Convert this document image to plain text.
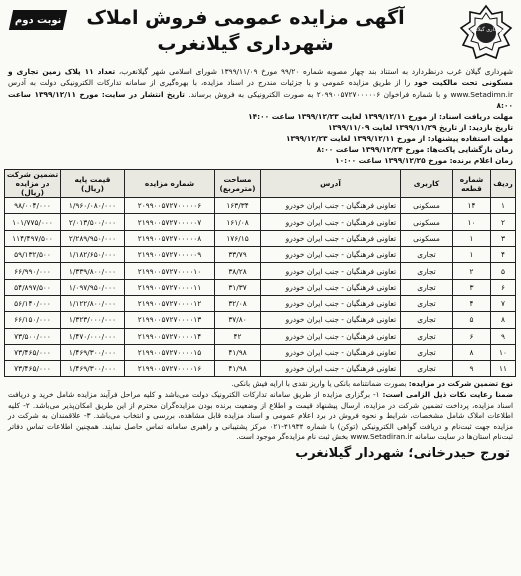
شهرداری گیلانغرب
آگهی مزایده عمومی فروش املاک
شهرداری گیلانغرب
نوبت دوم
شهرداری گیلان غرب درنظردارد به استناد بند چهار مصوبه شماره ۹۹/۲۰ مورخ ۱۳۹۹/۱۱/۰۹ شورای اسلامی شهر گیلانغرب، تعداد ۱۱ پلاک زمین تجاری و مسکونی تحت مالکیت خود را از طریق مزایده عمومی و با جزئیات مندرج در اسناد مزایده، با بهره‌گیری از سامانه تدارکات الکترونیکی دولت به آدرس www.Setadimn.ir و با شماره فراخوان ۲۰۹۹۰۰۵۷۲۷۰۰۰۰۰۶ به صورت الکترونیکی به فروش برساند. تاریخ انتشار در سایت: مورخ ۱۳۹۹/۱۲/۱۱ ساعت ۸:۰۰
مهلت دریافت اسناد: از مورخ ۱۳۹۹/۱۲/۱۱ لغایت ۱۳۹۹/۱۲/۲۳ ساعت ۱۴:۰۰
تاریخ بازدید: از تاریخ ۱۳۹۹/۱۱/۲۹ لغایت ۱۳۹۹/۱۱/۰۹
مهلت استفاده پیشنهاد: از مورخ ۱۳۹۹/۱۲/۱۱ لغایت ۱۳۹۹/۱۲/۲۳
زمان بازگشایی پاکت‌ها: مورخ ۱۳۹۹/۱۲/۲۴ ساعت ۸:۰۰
زمان اعلام برنده: مورخ ۱۳۹۹/۱۲/۲۵ ساعت ۱۰:۰۰
ردیف	شماره قطعه	کاربری	آدرس	مساحت (مترمربع)	شماره مزایده	قیمت پایه (ریال)	تضمین شرکت در مزایده (ریال)
۱	۱۴	مسکونی	تعاونی فرهنگیان - جنب ایران خودرو	۱۶۳/۳۴	۲۰۹۹۰۰۵۷۲۷۰۰۰۰۰۶	۱/۹۶۰/۰۸۰/۰۰۰	۹۸/۰۰۴/۰۰۰
۲	۱۰	مسکونی	تعاونی فرهنگیان - جنب ایران خودرو	۱۶۱/۰۸	۲۱۹۹۰۰۵۷۲۷۰۰۰۰۰۷	۲/۰۱۳/۵۰۰/۰۰۰	۱۰۱/۷۷۵/۰۰۰
۳	۱	مسکونی	تعاونی فرهنگیان - جنب ایران خودرو	۱۷۶/۱۵	۲۱۹۹۰۰۵۷۲۷۰۰۰۰۰۸	۲/۲۸۹/۹۵۰/۰۰۰	۱۱۴/۴۹۷/۵۰۰
۴	۱	تجاری	تعاونی فرهنگیان - جنب ایران خودرو	۳۳/۷۹	۲۱۹۹۰۰۵۷۲۷۰۰۰۰۰۹	۱/۱۸۲/۶۵۰/۰۰۰	۵۹/۱۳۲/۵۰۰
۵	۲	تجاری	تعاونی فرهنگیان - جنب ایران خودرو	۳۸/۲۸	۲۱۹۹۰۰۵۷۲۷۰۰۰۰۱۰	۱/۳۳۹/۸۰۰/۰۰۰	۶۶/۹۹۰/۰۰۰
۶	۳	تجاری	تعاونی فرهنگیان - جنب ایران خودرو	۳۱/۳۷	۲۱۹۹۰۰۵۷۲۷۰۰۰۰۱۱	۱/۰۹۷/۹۵۰/۰۰۰	۵۴/۸۹۷/۵۰۰
۷	۴	تجاری	تعاونی فرهنگیان - جنب ایران خودرو	۳۲/۰۸	۲۱۹۹۰۰۵۷۲۷۰۰۰۰۱۲	۱/۱۲۲/۸۰۰/۰۰۰	۵۶/۱۴۰/۰۰۰
۸	۵	تجاری	تعاونی فرهنگیان - جنب ایران خودرو	۳۷/۸۰	۲۱۹۹۰۰۵۷۲۷۰۰۰۰۱۳	۱/۳۲۳/۰۰۰/۰۰۰	۶۶/۱۵۰/۰۰۰
۹	۶	تجاری	تعاونی فرهنگیان - جنب ایران خودرو	۴۲	۲۱۹۹۰۰۵۷۲۷۰۰۰۰۱۴	۱/۴۷۰/۰۰۰/۰۰۰	۷۳/۵۰۰/۰۰۰
۱۰	۸	تجاری	تعاونی فرهنگیان - جنب ایران خودرو	۴۱/۹۸	۲۱۹۹۰۰۵۷۲۷۰۰۰۰۱۵	۱/۴۶۹/۳۰۰/۰۰۰	۷۳/۴۶۵/۰۰۰
۱۱	۹	تجاری	تعاونی فرهنگیان - جنب ایران خودرو	۴۱/۹۸	۲۱۹۹۰۰۵۷۲۷۰۰۰۰۱۶	۱/۴۶۹/۳۰۰/۰۰۰	۷۳/۴۶۵/۰۰۰
نوع تضمین شرکت در مزایده: بصورت ضمانتنامه بانکی یا واریز نقدی با ارایه فیش بانکی.
ضمنا رعایت نکات ذیل الزامی است: ۱- برگزاری مزایده از طریق سامانه تدارکات الکترونیک دولت می‌باشد و کلیه مراحل فرآیند مزایده شامل خرید و دریافت اسناد مزایده، پرداخت تضمین شرکت در مزایده، ارسال پیشنهاد قیمت و اطلاع از وضعیت برنده بودن مزایده‌گران محترم از این طریق امکان‌پذیر می‌باشد. ۲- کلیه اطلاعات املاک شامل مشخصات، شرایط و نحوه فروش در برد اعلام عمومی و اسناد مزایده قابل مشاهده، بررسی و انتخاب می‌باشد. ۳- علاقمندان به شرکت در مزایده جهت ثبت‌نام و دریافت گواهی الکترونیکی (توکن) با شماره ۴۱۹۳۴-۰۲۱ مرکز پشتیبانی و راهبری سامانه تماس حاصل نمایند. همچنین اطلاعات تماس دفاتر ثبت‌نام استان‌ها در سایت سامانه www.Setadiran.ir بخش ثبت نام مزایده‌گر موجود است.
تورج حیدرخانی؛ شهردار گیلانغرب
